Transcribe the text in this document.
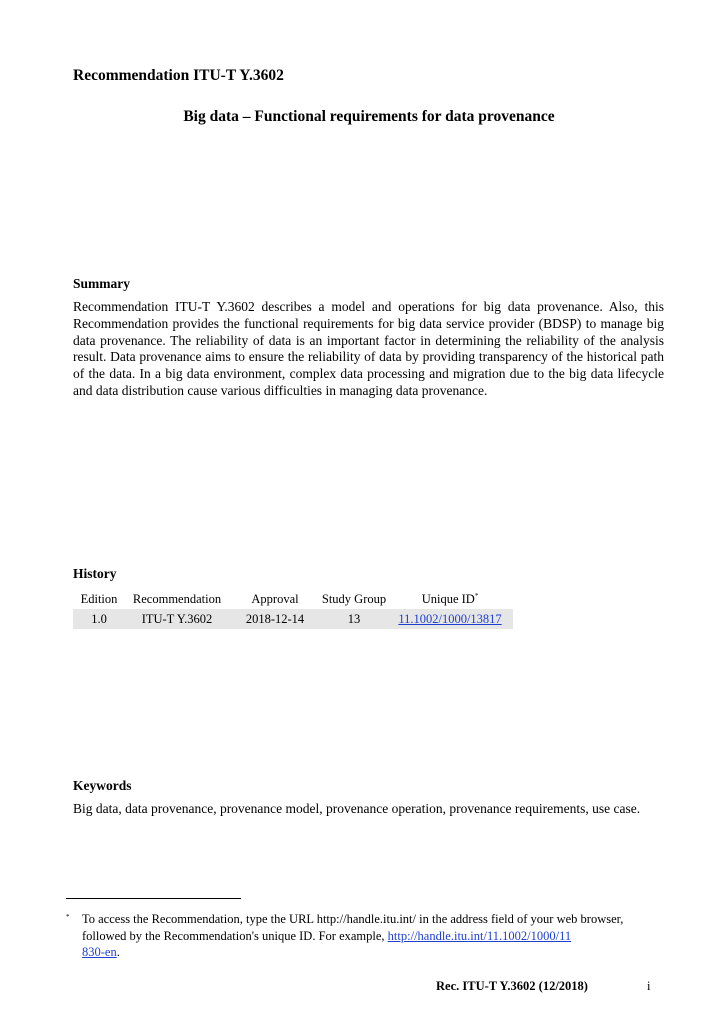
Recommendation ITU-T Y.3602
Big data – Functional requirements for data provenance
Summary
Recommendation ITU-T Y.3602 describes a model and operations for big data provenance. Also, this Recommendation provides the functional requirements for big data service provider (BDSP) to manage big data provenance. The reliability of data is an important factor in determining the reliability of the analysis result. Data provenance aims to ensure the reliability of data by providing transparency of the historical path of the data. In a big data environment, complex data processing and migration due to the big data lifecycle and data distribution cause various difficulties in managing data provenance.
History
Edition	Recommendation	Approval	Study Group	Unique ID*
1.0	ITU-T Y.3602	2018-12-14	13	11.1002/1000/13817
Keywords
Big data, data provenance, provenance model, provenance operation, provenance requirements, use case.
* To access the Recommendation, type the URL http://handle.itu.int/ in the address field of your web browser, followed by the Recommendation's unique ID. For example, http://handle.itu.int/11.1002/1000/11
830-en.
Rec. ITU-T Y.3602 (12/2018)	i
